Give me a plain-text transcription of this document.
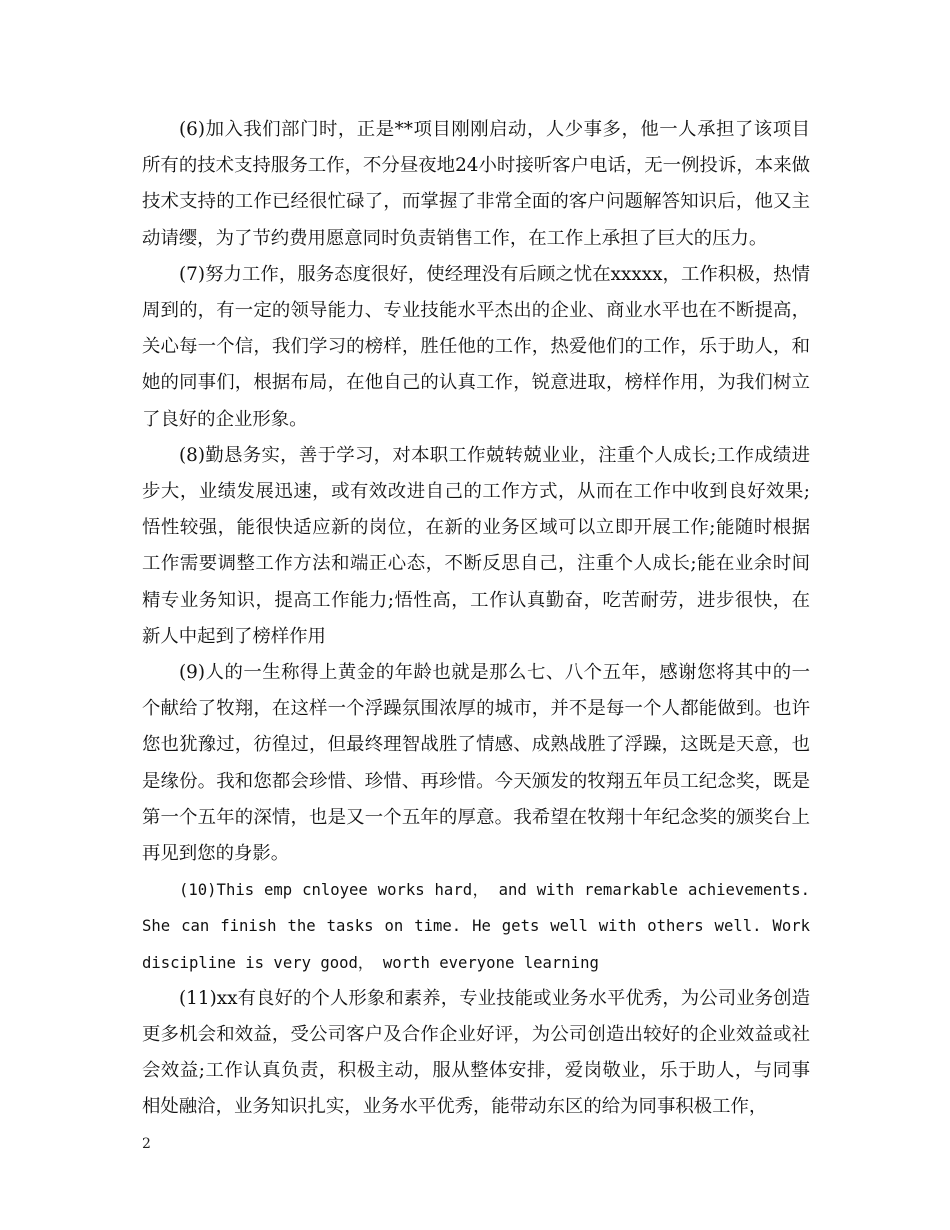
(6)加入我们部门时，正是**项目刚刚启动，人少事多，他一人承担了该项目所有的技术支持服务工作，不分昼夜地24小时接听客户电话，无一例投诉，本来做技术支持的工作已经很忙碌了，而掌握了非常全面的客户问题解答知识后，他又主动请缨，为了节约费用愿意同时负责销售工作，在工作上承担了巨大的压力。

(7)努力工作，服务态度很好，使经理没有后顾之忧在xxxxx，工作积极，热情周到的，有一定的领导能力、专业技能水平杰出的企业、商业水平也在不断提高，关心每一个信，我们学习的榜样，胜任他的工作，热爱他们的工作，乐于助人，和她的同事们，根据布局，在他自己的认真工作，锐意进取，榜样作用，为我们树立了良好的企业形象。

(8)勤恳务实，善于学习，对本职工作兢转兢业业，注重个人成长;工作成绩进步大，业绩发展迅速，或有效改进自己的工作方式，从而在工作中收到良好效果;悟性较强，能很快适应新的岗位，在新的业务区域可以立即开展工作;能随时根据工作需要调整工作方法和端正心态，不断反思自己，注重个人成长;能在业余时间精专业务知识，提高工作能力;悟性高，工作认真勤奋，吃苦耐劳，进步很快，在新人中起到了榜样作用

(9)人的一生称得上黄金的年龄也就是那么七、八个五年，感谢您将其中的一个献给了牧翔，在这样一个浮躁氛围浓厚的城市，并不是每一个人都能做到。也许您也犹豫过，彷徨过，但最终理智战胜了情感、成熟战胜了浮躁，这既是天意，也是缘份。我和您都会珍惜、珍惜、再珍惜。今天颁发的牧翔五年员工纪念奖，既是第一个五年的深情，也是又一个五年的厚意。我希望在牧翔十年纪念奖的颁奖台上再见到您的身影。

(10)This emp cnloyee works hard， and with remarkable achievements. She can finish the tasks on time. He gets well with others well. Work discipline is very good， worth everyone learning

(11)xx有良好的个人形象和素养，专业技能或业务水平优秀，为公司业务创造更多机会和效益，受公司客户及合作企业好评，为公司创造出较好的企业效益或社会效益;工作认真负责，积极主动，服从整体安排，爱岗敬业，乐于助人，与同事相处融洽，业务知识扎实，业务水平优秀，能带动东区的给为同事积极工作，

2
